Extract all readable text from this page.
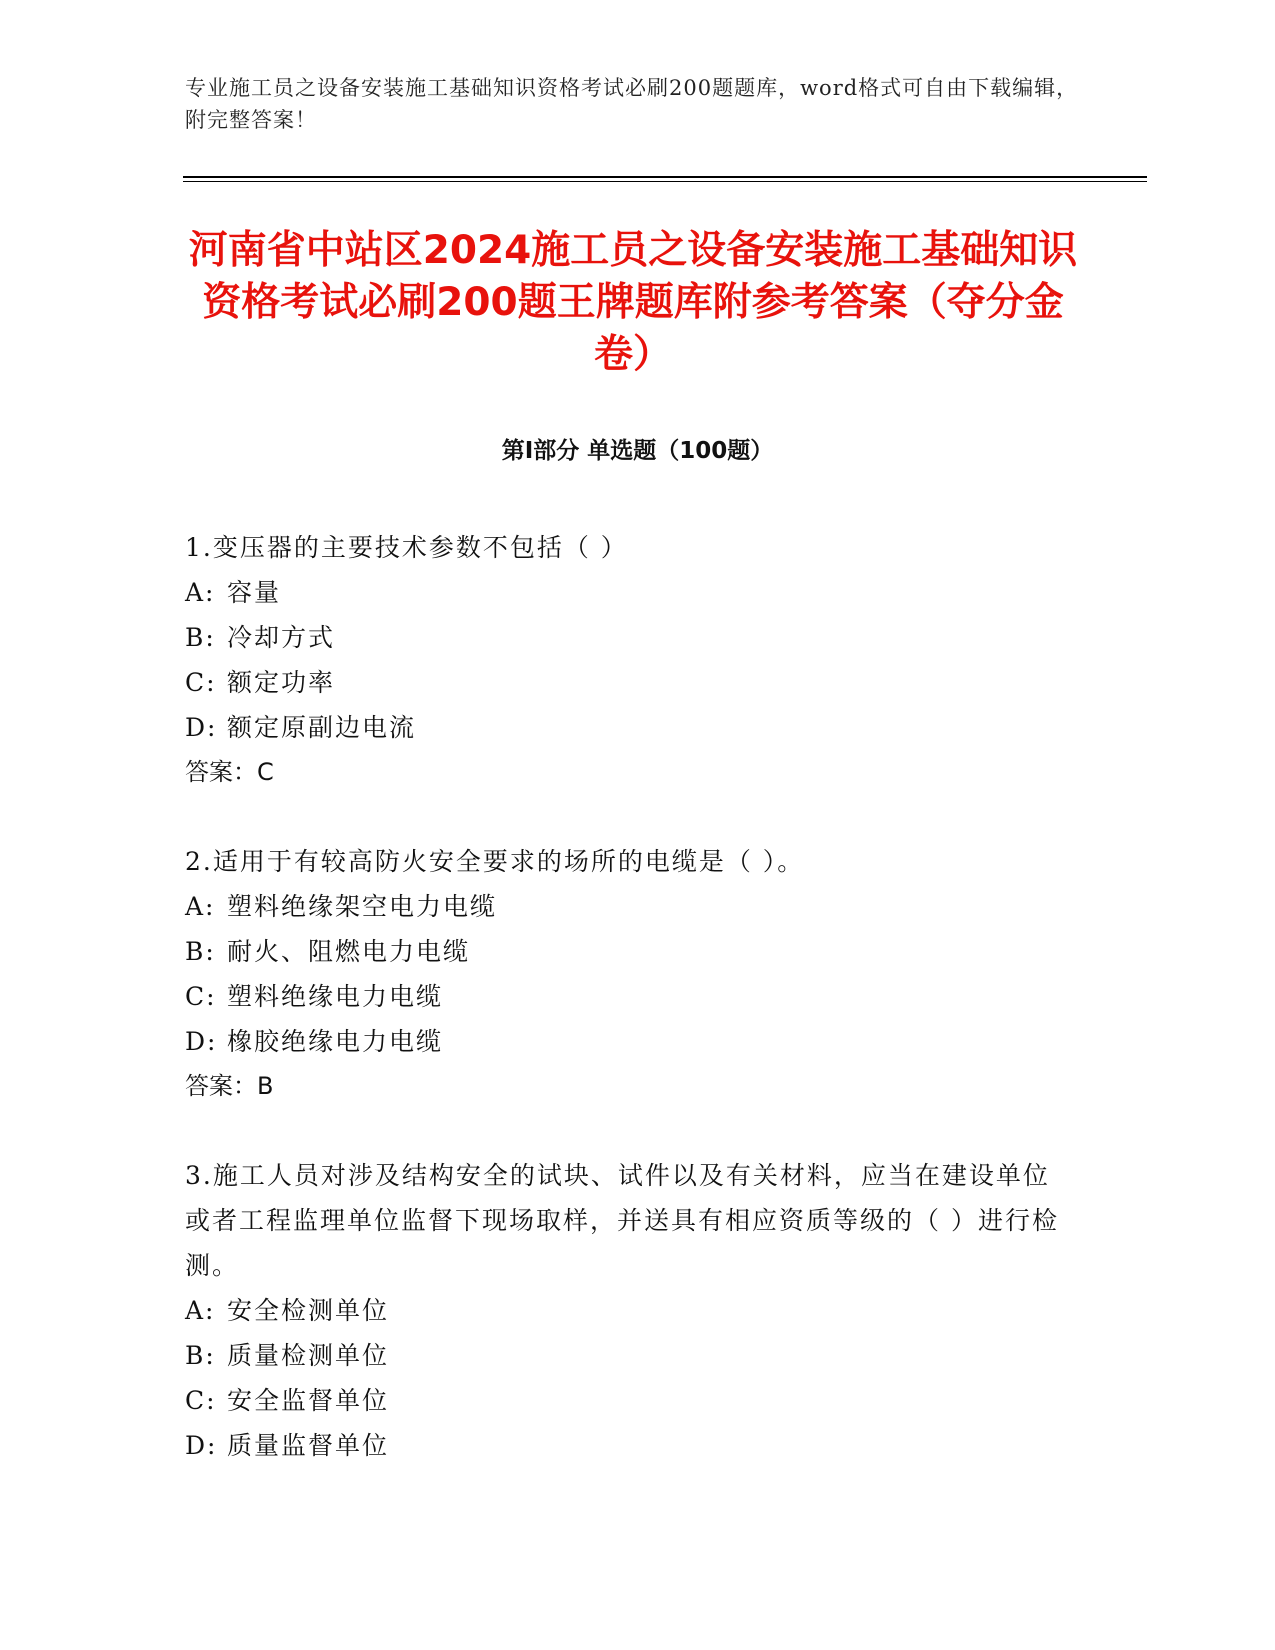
专业施工员之设备安装施工基础知识资格考试必刷200题题库，word格式可自由下载编辑，附完整答案！
河南省中站区2024施工员之设备安装施工基础知识资格考试必刷200题王牌题库附参考答案（夺分金卷）
第Ⅰ部分 单选题（100题）
1.变压器的主要技术参数不包括（ ）
A: 容量
B: 冷却方式
C: 额定功率
D: 额定原副边电流
答案：C
2.适用于有较高防火安全要求的场所的电缆是（ ）。
A: 塑料绝缘架空电力电缆
B: 耐火、阻燃电力电缆
C: 塑料绝缘电力电缆
D: 橡胶绝缘电力电缆
答案：B
3.施工人员对涉及结构安全的试块、试件以及有关材料，应当在建设单位或者工程监理单位监督下现场取样，并送具有相应资质等级的（ ）进行检测。
A: 安全检测单位
B: 质量检测单位
C: 安全监督单位
D: 质量监督单位
